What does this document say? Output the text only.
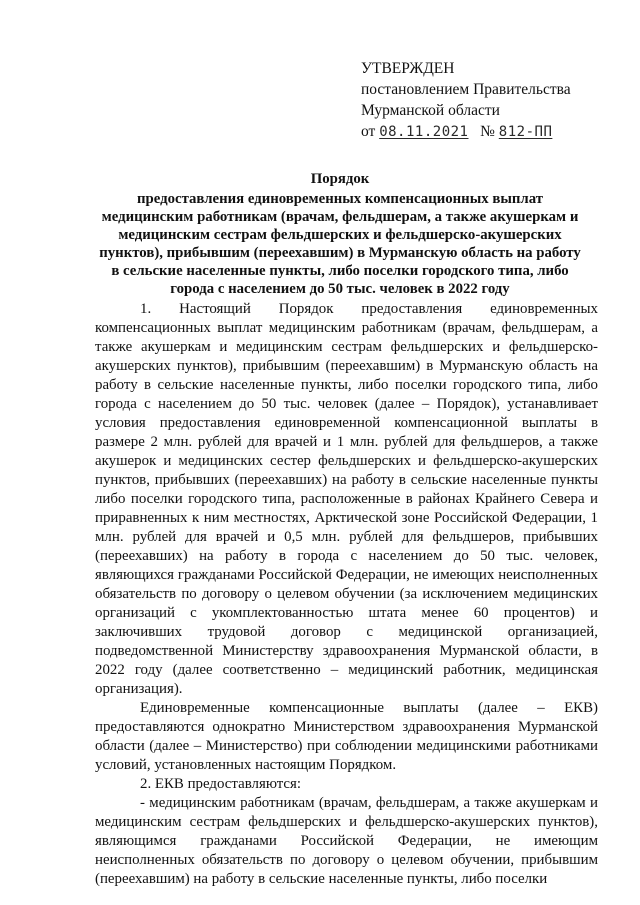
УТВЕРЖДЕН
постановлением Правительства
Мурманской области
от 08.11.2021 № 812-ПП
Порядок
предоставления единовременных компенсационных выплат
медицинским работникам (врачам, фельдшерам, а также акушеркам и
медицинским сестрам фельдшерских и фельдшерско-акушерских
пунктов), прибывшим (переехавшим) в Мурманскую область на работу
в сельские населенные пункты, либо поселки городского типа, либо
города с населением до 50 тыс. человек в 2022 году

1. Настоящий Порядок предоставления единовременных компенсационных выплат медицинским работникам (врачам, фельдшерам, а также акушеркам и медицинским сестрам фельдшерских и фельдшерско-акушерских пунктов), прибывшим (переехавшим) в Мурманскую область на работу в сельские населенные пункты, либо поселки городского типа, либо города с населением до 50 тыс. человек (далее – Порядок), устанавливает условия предоставления единовременной компенсационной выплаты в размере 2 млн. рублей для врачей и 1 млн. рублей для фельдшеров, а также акушерок и медицинских сестер фельдшерских и фельдшерско-акушерских пунктов, прибывших (переехавших) на работу в сельские населенные пункты либо поселки городского типа, расположенные в районах Крайнего Севера и приравненных к ним местностях, Арктической зоне Российской Федерации, 1 млн. рублей для врачей и 0,5 млн. рублей для фельдшеров, прибывших (переехавших) на работу в города с населением до 50 тыс. человек, являющихся гражданами Российской Федерации, не имеющих неисполненных обязательств по договору о целевом обучении (за исключением медицинских организаций с укомплектованностью штата менее 60 процентов) и заключивших трудовой договор с медицинской организацией, подведомственной Министерству здравоохранения Мурманской области, в 2022 году (далее соответственно – медицинский работник, медицинская организация).

Единовременные компенсационные выплаты (далее – ЕКВ) предоставляются однократно Министерством здравоохранения Мурманской области (далее – Министерство) при соблюдении медицинскими работниками условий, установленных настоящим Порядком.

2. ЕКВ предоставляются:

- медицинским работникам (врачам, фельдшерам, а также акушеркам и медицинским сестрам фельдшерских и фельдшерско-акушерских пунктов), являющимся гражданами Российской Федерации, не имеющим неисполненных обязательств по договору о целевом обучении, прибывшим (переехавшим) на работу в сельские населенные пункты, либо поселки
